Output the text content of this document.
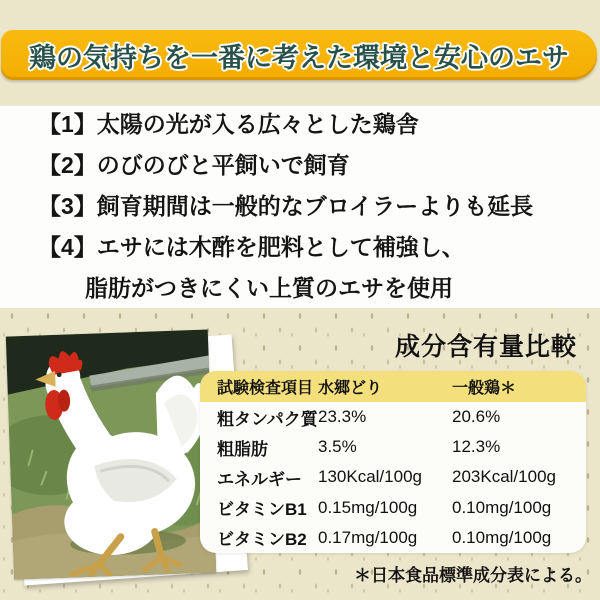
鶏の気持ちを一番に考えた環境と安心のエサ
【1】太陽の光が入る広々とした鶏舎
【2】のびのびと平飼いで飼育
【3】飼育期間は一般的なブロイラーよりも延長
【4】エサには木酢を肥料として補強し、
脂肪がつきにくい上質のエサを使用
成分含有量比較
試験検査項目 水郷どり	一般鶏＊
粗タンパク質 23.3%	20.6%
粗脂肪	3.5%	12.3%
エネルギー 130Kcal/100g	203Kcal/100g
ビタミンB1 0.15mg/100g	0.10mg/100g
ビタミンB2 0.17mg/100g	0.10mg/100g
＊日本食品標準成分表による。
